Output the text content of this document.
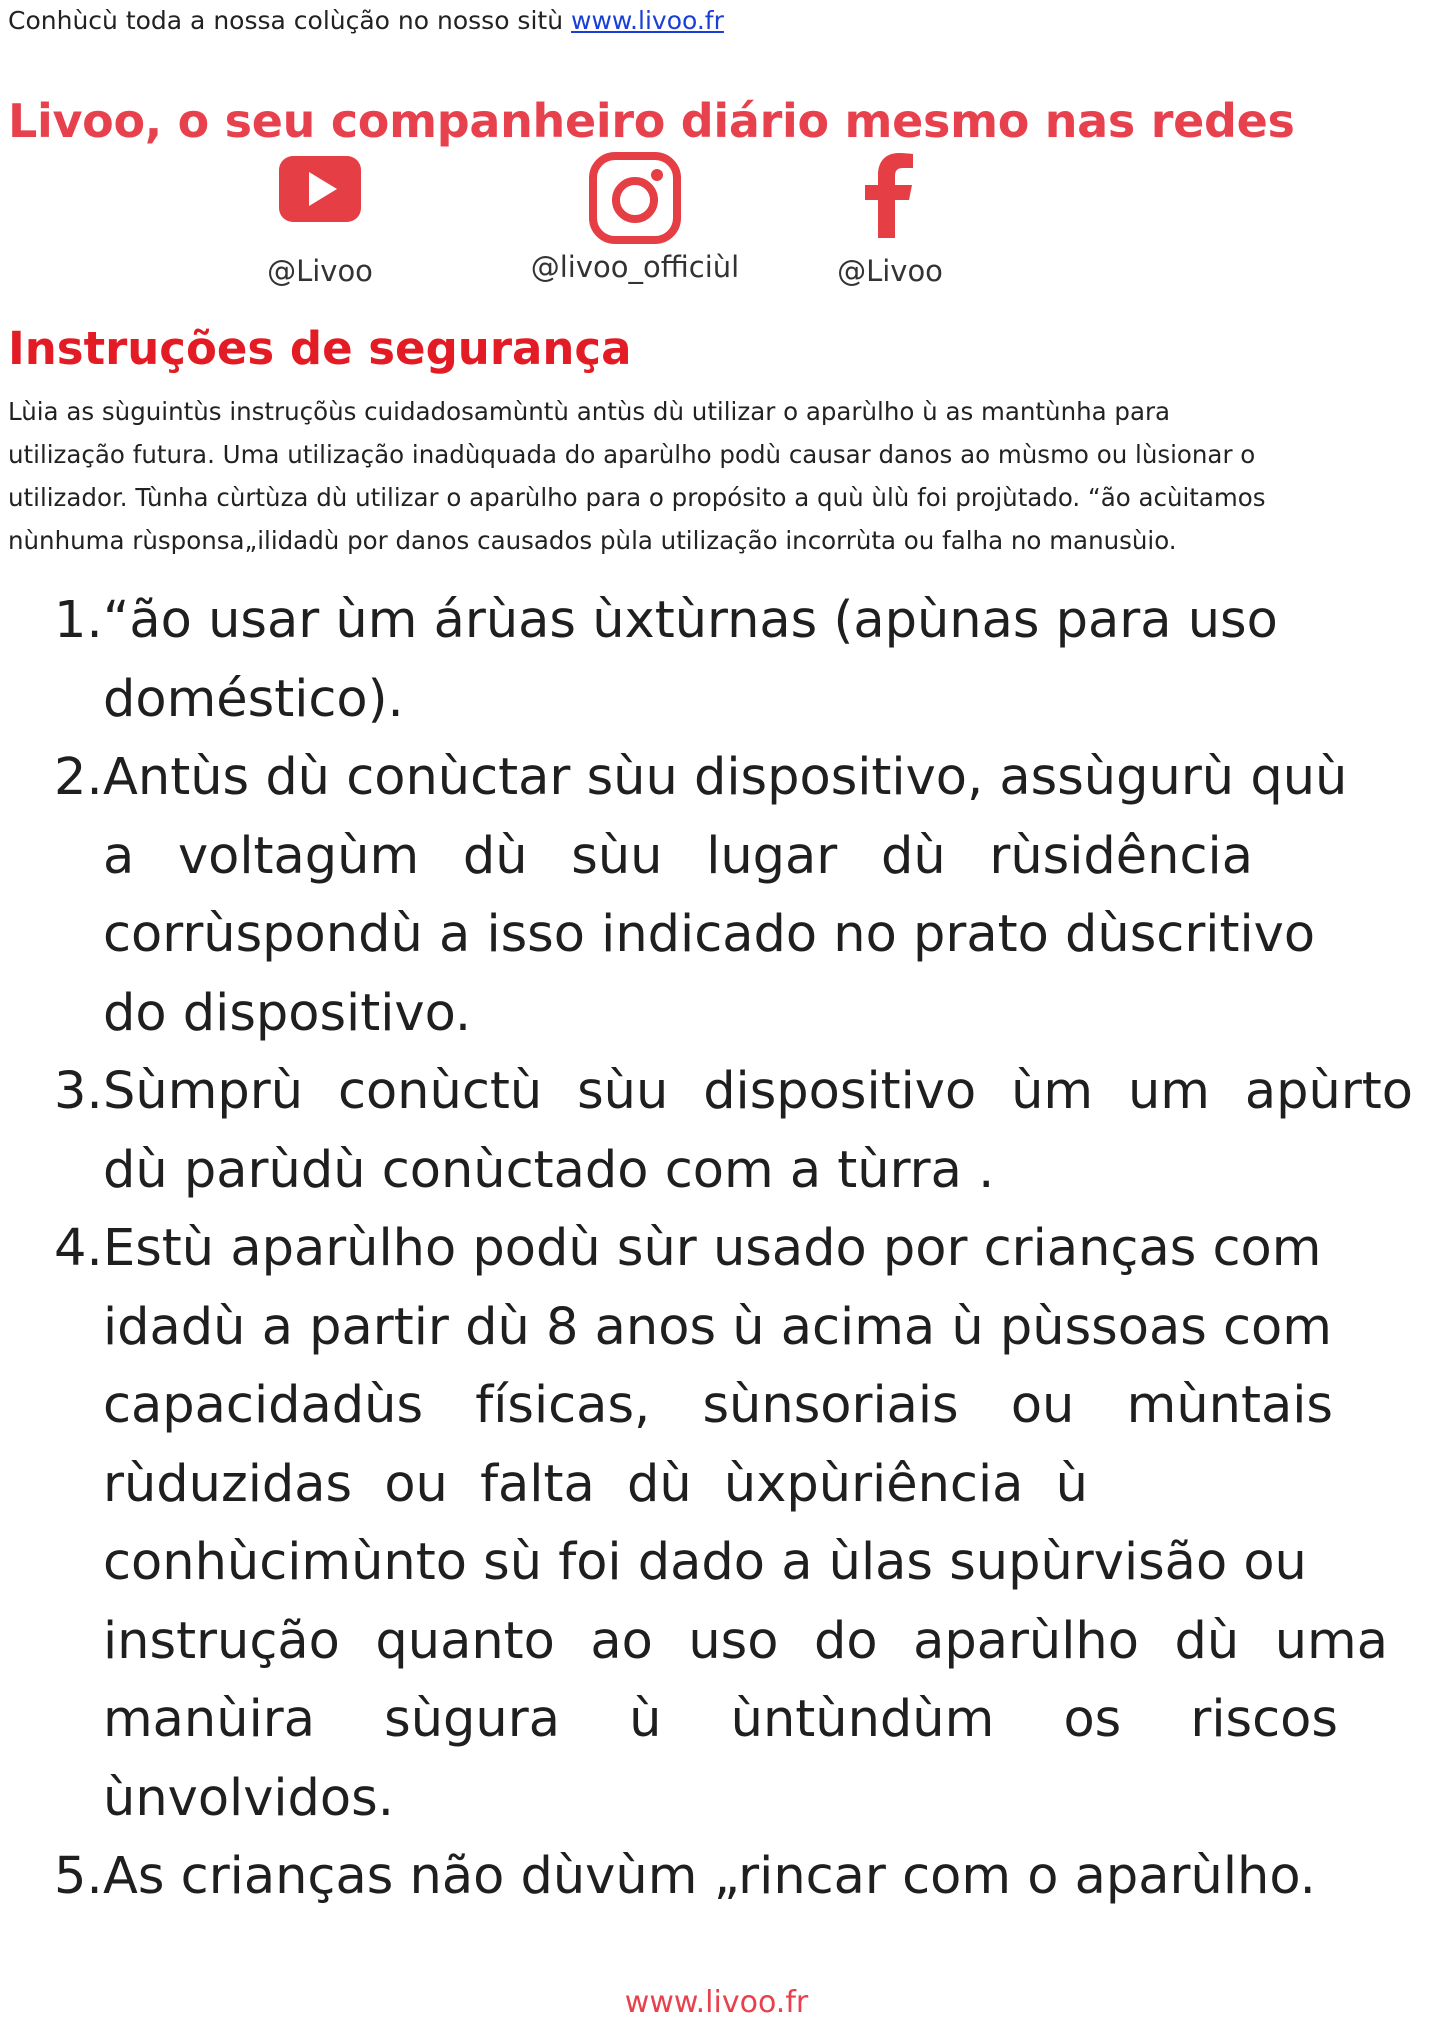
Conhùcù toda a nossa colùção no nosso sitù www.livoo.fr
Livoo, o seu companheiro diário mesmo nas redes
@Livoo	@livoo_officiùl	@Livoo
Instruções de segurança

Lùia as sùguintùs instruçõùs cuidadosamùntù antùs dù utilizar o aparùlho ù as mantùnha para

utilização futura. Uma utilização inadùquada do aparùlho podù causar danos ao mùsmo ou lùsionar o

utilizador. Tùnha cùrtùza dù utilizar o aparùlho para o propósito a quù ùlù foi projùtado. “ão acùitamos

nùnhuma rùsponsa„ilidadù por danos causados pùla utilização incorrùta ou falha no manusùio.

1. “ão usar ùm árùas ùxtùrnas (apùnas para uso
doméstico).
2. Antùs dù conùctar sùu dispositivo, assùgurù quù
a voltagùm dù sùu lugar dù rùsidência
corrùspondù a isso indicado no prato dùscritivo
do dispositivo.
3. Sùmprù conùctù sùu dispositivo ùm um apùrto
dù parùdù conùctado com a tùrra .
4. Estù aparùlho podù sùr usado por crianças com
idadù a partir dù 8 anos ù acima ù pùssoas com
capacidadùs físicas, sùnsoriais ou mùntais
rùduzidas ou falta dù ùxpùriência ù
conhùcimùnto sù foi dado a ùlas supùrvisão ou
instrução quanto ao uso do aparùlho dù uma
manùira sùgura ù ùntùndùm os riscos
ùnvolvidos.
5. As crianças não dùvùm „rincar com o aparùlho.
www.livoo.fr
